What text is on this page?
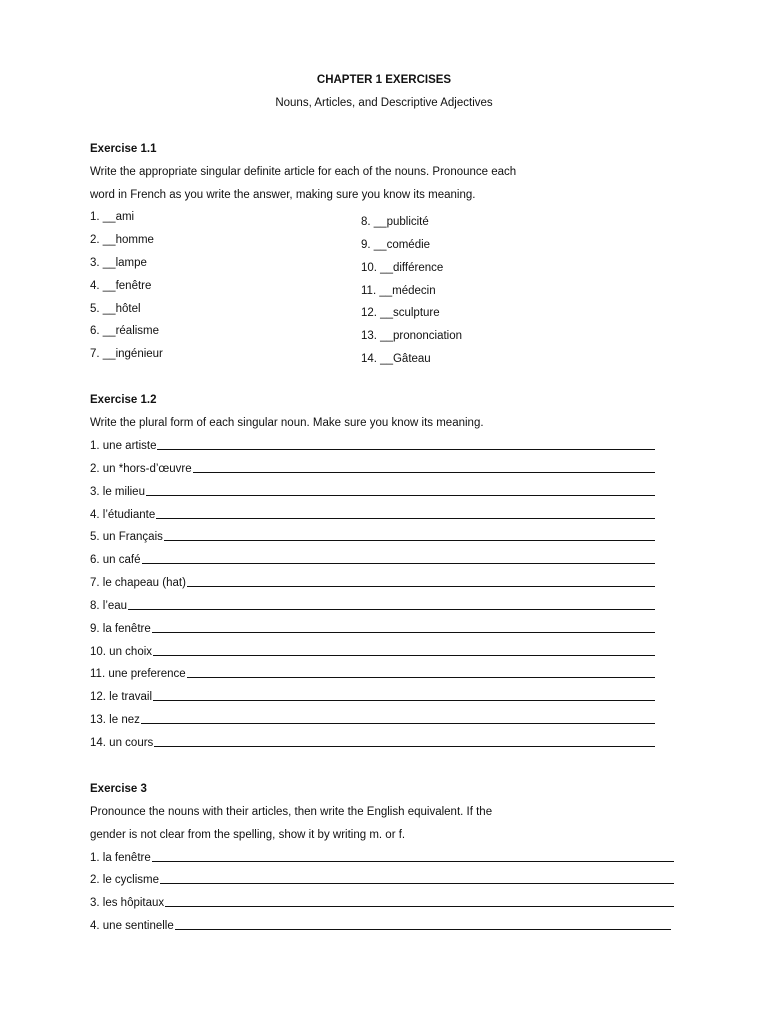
CHAPTER 1 EXERCISES
Nouns, Articles, and Descriptive Adjectives
Exercise 1.1
Write the appropriate singular definite article for each of the nouns. Pronounce each
word in French as you write the answer, making sure you know its meaning.
1. __ami
2. __homme
3. __lampe
4. __fenêtre
5. __hôtel
6. __réalisme
7. __ingénieur
8. __publicité
9. __comédie
10. __différence
11. __médecin
12. __sculpture
13. __prononciation
14. __Gâteau
Exercise 1.2
Write the plural form of each singular noun. Make sure you know its meaning.
1. une artiste
2. un *hors-d’œuvre
3. le milieu
4. l’étudiante
5. un Français
6. un café
7. le chapeau (hat)
8. l’eau
9. la fenêtre
10. un choix
11. une preference
12. le travail
13. le nez
14. un cours
Exercise 3
Pronounce the nouns with their articles, then write the English equivalent. If the
gender is not clear from the spelling, show it by writing m. or f.
1. la fenêtre
2. le cyclisme
3. les hôpitaux
4. une sentinelle
